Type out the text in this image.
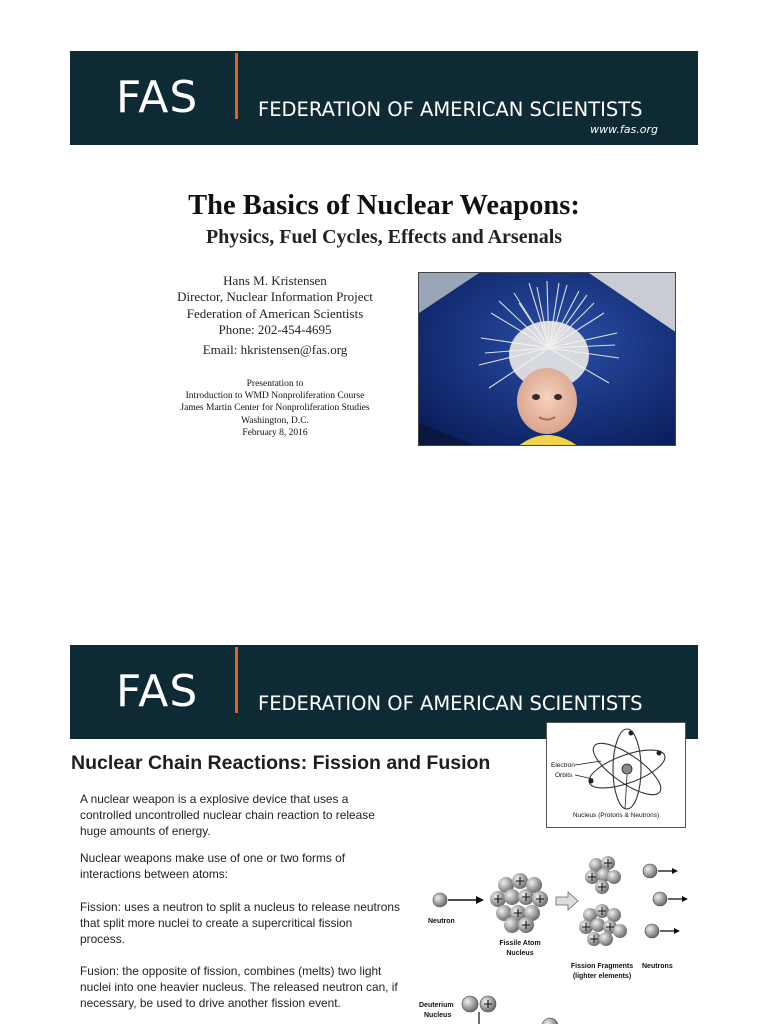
FAS	FEDERATION OF AMERICAN SCIENTISTS
www.fas.org
The Basics of Nuclear Weapons:
Physics, Fuel Cycles, Effects and Arsenals
Hans M. Kristensen
Director, Nuclear Information Project
Federation of American Scientists
Phone: 202-454-4695
Email: hkristensen@fas.org
Presentation to
Introduction to WMD Nonproliferation Course
James Martin Center for Nonproliferation Studies
Washington, D.C.
February 8, 2016
FAS	FEDERATION OF AMERICAN SCIENTISTS
Nuclear Chain Reactions: Fission and Fusion

A nuclear weapon is a explosive device that uses a controlled uncontrolled nuclear chain reaction to release huge amounts of energy.

Nuclear weapons make use of one or two forms of interactions between atoms:

Fission: uses a neutron to split a nucleus to release neutrons that split more nuclei to create a supercritical fission process.

Fusion: the opposite of fission, combines (melts) two light nuclei into one heavier nucleus. The released neutron can, if necessary, be used to drive another fission event.

Electron
Orbits
Nucleus (Protons & Neutrons)
Neutron
Fissile Atom
Nucleus
Fission Fragments
(lighter elements)
Neutrons
Deuterium
Nucleus
